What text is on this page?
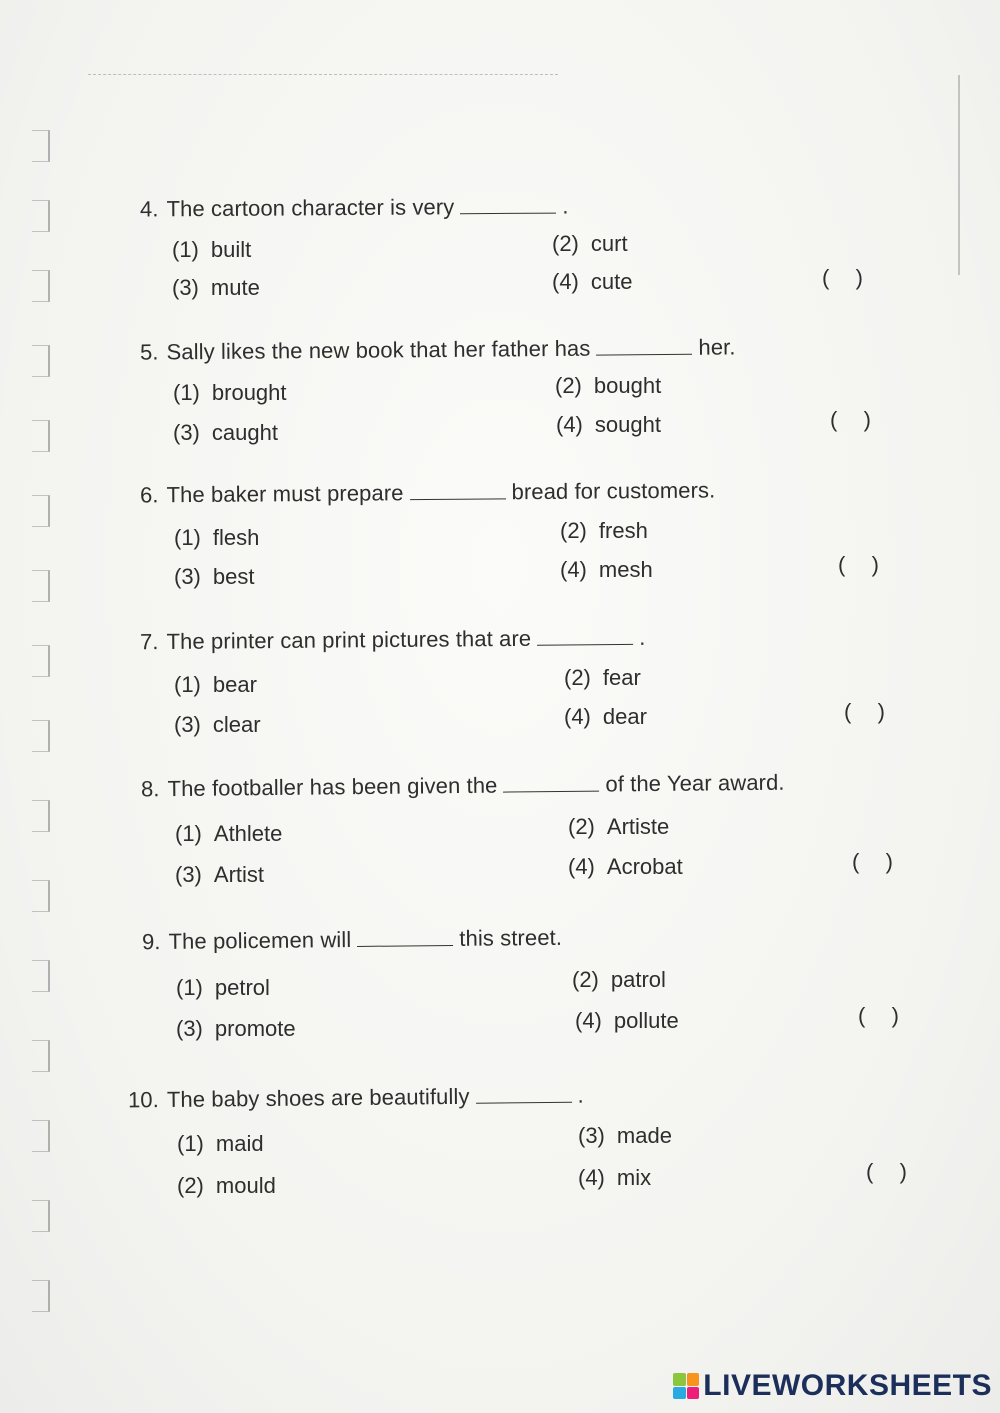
4. The cartoon character is very	.
(1) built	(2) curt
(3) mute	(4) cute	(   )
5. Sally likes the new book that her father has	her.
(1) brought	(2) bought
(3) caught	(4) sought	(   )
6. The baker must prepare	bread for customers.
(1) flesh	(2) fresh
(3) best	(4) mesh	(   )
7. The printer can print pictures that are	.
(1) bear	(2) fear
(3) clear	(4) dear	(   )
8. The footballer has been given the	of the Year award.
(1) Athlete	(2) Artiste
(3) Artist	(4) Acrobat	(   )
9. The policemen will	this street.
(1) petrol	(2) patrol
(3) promote	(4) pollute	(   )
10. The baby shoes are beautifully	.
(1) maid	(3) made
(2) mould	(4) mix	(   )
LIVEWORKSHEETS
